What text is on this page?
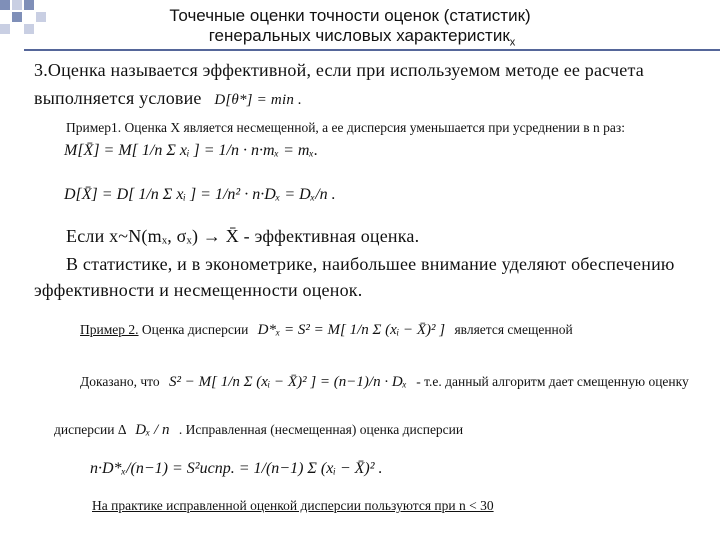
Точечные оценки точности оценок (статистик)
генеральных числовых характеристик$_x$
3.Оценка называется эффективной, если при используемом методе ее расчета
выполняется условие D[θ*] = min .
Пример1. Оценка X является несмещенной, а ее дисперсия уменьшается при усреднении в n раз:
M[X̄] = M[ 1/n Σ xᵢ ] = 1/n · n·mₓ = mₓ.
D[X̄] = D[ 1/n Σ xᵢ ] = 1/n² · n·Dₓ = Dₓ/n .
Если x~N(mₓ, σₓ) → X̄ - эффективная оценка.
В статистике, и в эконометрике, наибольшее внимание уделяют обеспечению
эффективности и несмещенности оценок.
Пример 2. Оценка дисперсии D*ₓ = S² = M[ 1/n Σ (xᵢ − X̄)² ] является смещенной
Доказано, что S² − M[ 1/n Σ (xᵢ − X̄)² ] = (n−1)/n · Dₓ - т.е. данный алгоритм дает смещенную оценку
дисперсии Δ Dₓ / n . Исправленная (несмещенная) оценка дисперсии
n·D*ₓ/(n−1) = S²испр. = 1/(n−1) Σ (xᵢ − X̄)² .
На практике исправленной оценкой дисперсии пользуются при n < 30
